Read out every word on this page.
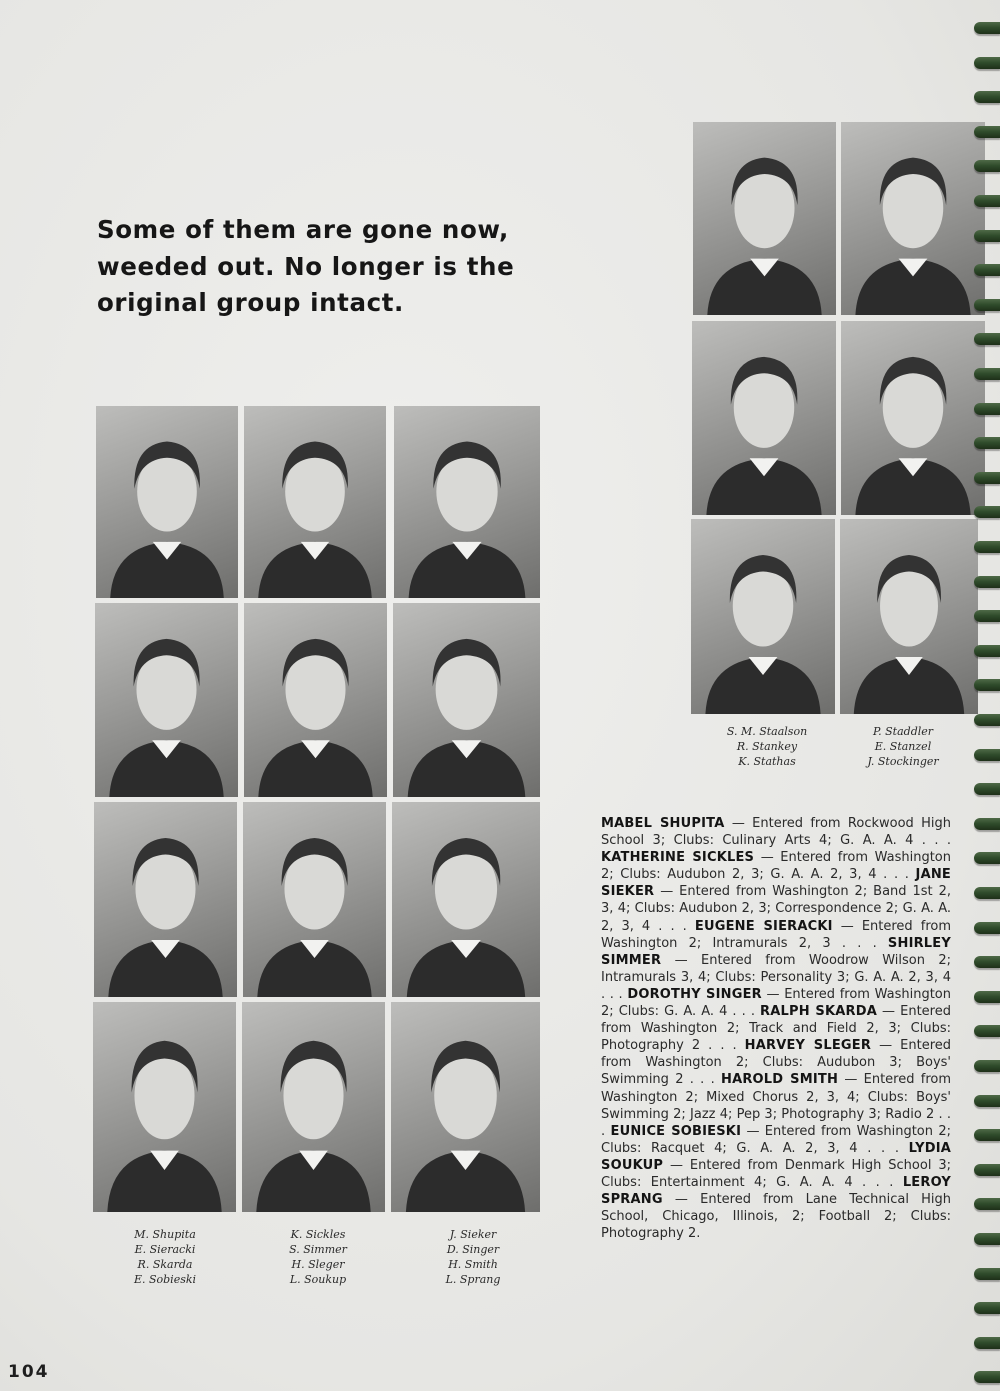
Some of them are gone now,
weeded out. No longer is the
original group intact.
M. Shupita
E. Sieracki
R. Skarda
E. Sobieski
K. Sickles
S. Simmer
H. Sleger
L. Soukup
J. Sieker
D. Singer
H. Smith
L. Sprang
S. M. Staalson
R. Stankey
K. Stathas
P. Staddler
E. Stanzel
J. Stockinger
MABEL SHUPITA — Entered from Rockwood High School 3; Clubs: Culinary Arts 4; G. A. A. 4 . . . KATHERINE SICKLES — Entered from Washington 2; Clubs: Audubon 2, 3; G. A. A. 2, 3, 4 . . . JANE SIEKER — Entered from Washington 2; Band 1st 2, 3, 4; Clubs: Audubon 2, 3; Correspondence 2; G. A. A. 2, 3, 4 . . . EUGENE SIERACKI — Entered from Washington 2; Intramurals 2, 3 . . . SHIRLEY SIMMER — Entered from Woodrow Wilson 2; Intramurals 3, 4; Clubs: Personality 3; G. A. A. 2, 3, 4 . . . DOROTHY SINGER — Entered from Washington 2; Clubs: G. A. A. 4 . . . RALPH SKARDA — Entered from Washington 2; Track and Field 2, 3; Clubs: Photography 2 . . . HARVEY SLEGER — Entered from Washington 2; Clubs: Audubon 3; Boys' Swimming 2 . . . HAROLD SMITH — Entered from Washington 2; Mixed Chorus 2, 3, 4; Clubs: Boys' Swimming 2; Jazz 4; Pep 3; Photography 3; Radio 2 . . . EUNICE SOBIESKI — Entered from Washington 2; Clubs: Racquet 4; G. A. A. 2, 3, 4 . . . LYDIA SOUKUP — Entered from Denmark High School 3; Clubs: Entertainment 4; G. A. A. 4 . . . LEROY SPRANG — Entered from Lane Technical High School, Chicago, Illinois, 2; Football 2; Clubs: Photography 2.
104
